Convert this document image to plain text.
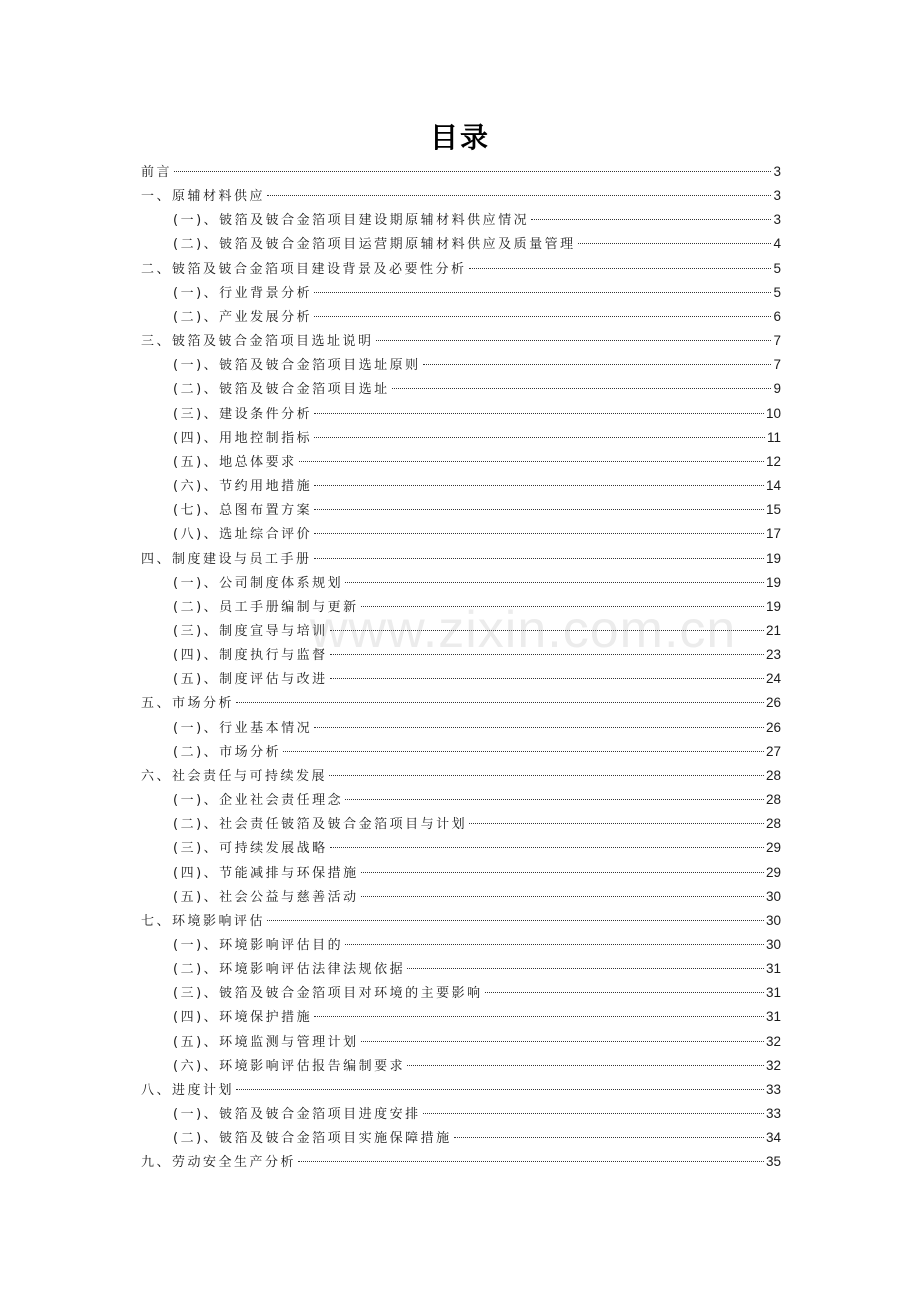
目录
前言	3
一、原辅材料供应	3
(一)、铍箔及铍合金箔项目建设期原辅材料供应情况	3
(二)、铍箔及铍合金箔项目运营期原辅材料供应及质量管理	4
二、铍箔及铍合金箔项目建设背景及必要性分析	5
(一)、行业背景分析	5
(二)、产业发展分析	6
三、铍箔及铍合金箔项目选址说明	7
(一)、铍箔及铍合金箔项目选址原则	7
(二)、铍箔及铍合金箔项目选址	9
(三)、建设条件分析	10
(四)、用地控制指标	11
(五)、地总体要求	12
(六)、节约用地措施	14
(七)、总图布置方案	15
(八)、选址综合评价	17
四、制度建设与员工手册	19
(一)、公司制度体系规划	19
(二)、员工手册编制与更新	19
(三)、制度宣导与培训	21
(四)、制度执行与监督	23
(五)、制度评估与改进	24
五、市场分析	26
(一)、行业基本情况	26
(二)、市场分析	27
六、社会责任与可持续发展	28
(一)、企业社会责任理念	28
(二)、社会责任铍箔及铍合金箔项目与计划	28
(三)、可持续发展战略	29
(四)、节能减排与环保措施	29
(五)、社会公益与慈善活动	30
七、环境影响评估	30
(一)、环境影响评估目的	30
(二)、环境影响评估法律法规依据	31
(三)、铍箔及铍合金箔项目对环境的主要影响	31
(四)、环境保护措施	31
(五)、环境监测与管理计划	32
(六)、环境影响评估报告编制要求	32
八、进度计划	33
(一)、铍箔及铍合金箔项目进度安排	33
(二)、铍箔及铍合金箔项目实施保障措施	34
九、劳动安全生产分析	35
www.zixin.com.cn
